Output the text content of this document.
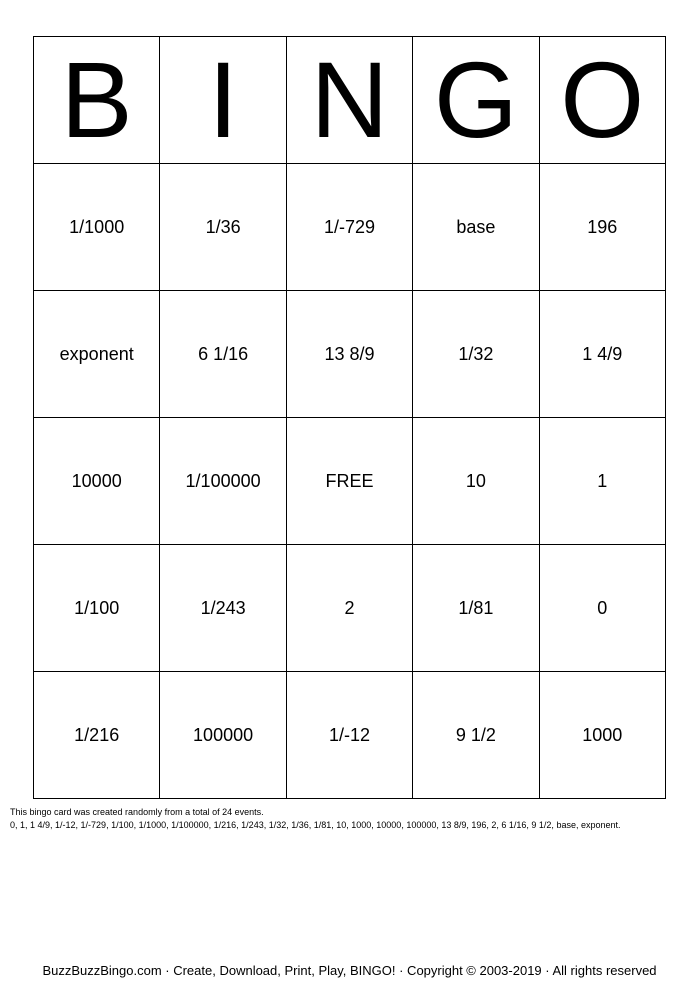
B	I	N	G	O
1/1000	1/36	1/-729	base	196
exponent	6 1/16	13 8/9	1/32	1 4/9
10000	1/100000	FREE	10	1
1/100	1/243	2	1/81	0
1/216	100000	1/-12	9 1/2	1000
This bingo card was created randomly from a total of 24 events.
0, 1, 1 4/9, 1/-12, 1/-729, 1/100, 1/1000, 1/100000, 1/216, 1/243, 1/32, 1/36, 1/81, 10, 1000, 10000, 100000, 13 8/9, 196, 2, 6 1/16, 9 1/2, base, exponent.
BuzzBuzzBingo.com · Create, Download, Print, Play, BINGO! · Copyright © 2003-2019 · All rights reserved
